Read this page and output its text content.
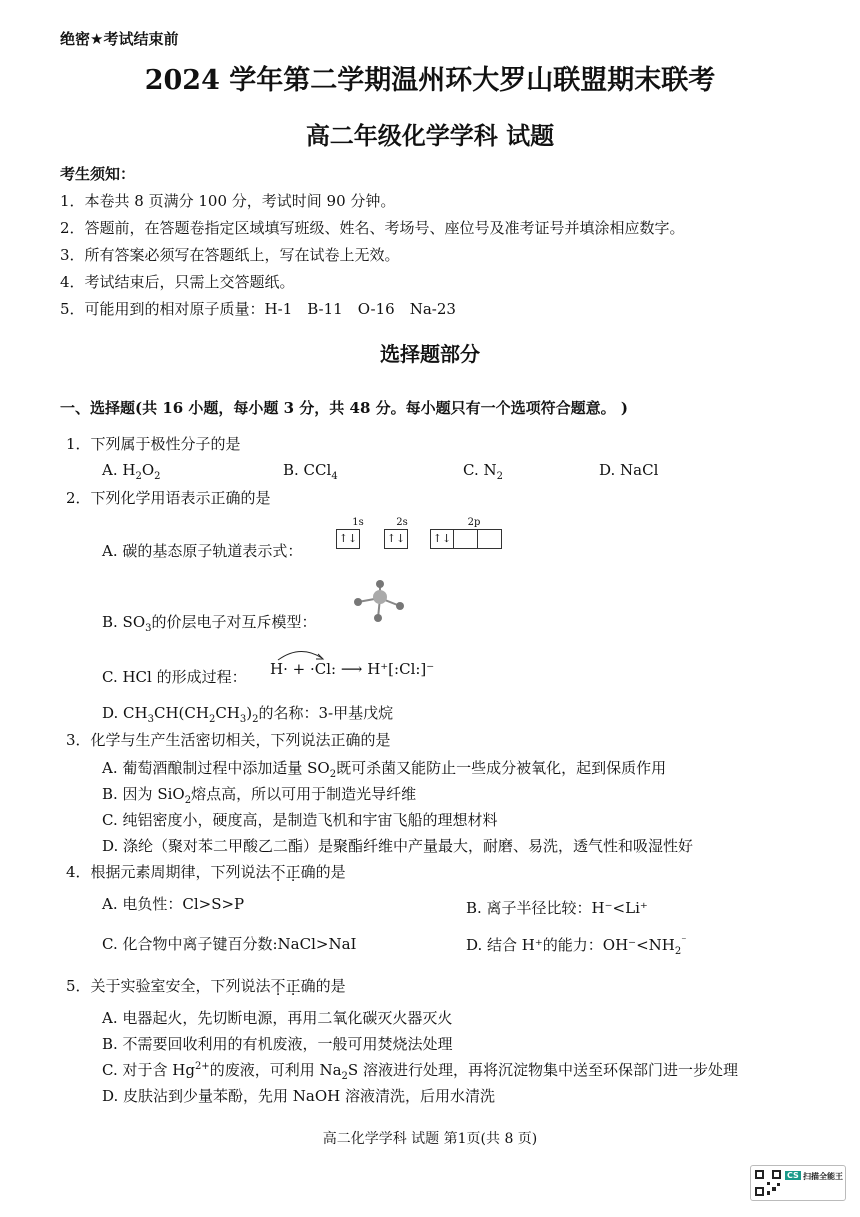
绝密★考试结束前
2024 学年第二学期温州环大罗山联盟期末联考
高二年级化学学科 试题
考生须知：
1．本卷共 8 页满分 100 分，考试时间 90 分钟。
2．答题前，在答题卷指定区域填写班级、姓名、考场号、座位号及准考证号并填涂相应数字。
3．所有答案必须写在答题纸上，写在试卷上无效。
4．考试结束后，只需上交答题纸。
5．可能用到的相对原子质量：H-1　B-11　O-16　Na-23
选择题部分
一、选择题(共 16 小题，每小题 3 分，共 48 分。每小题只有一个选项符合题意。 )
1．下列属于极性分子的是
A. $H_2O_2$	B. CCl$_4$	C. $N_2$	D. NaCl
2．下列化学用语表示正确的是
A. 碳的基态原子轨道表示式：
1s	2s	2p
↑↓	↑↓	↑↓
B. $SO_3$的价层电子对互斥模型：
C. HCl 的形成过程： H· + ·Cl: ⟶ H⁺[:Cl:]⁻
D. $CH_3CH(CH_2CH_3)_2$的名称：3-甲基戊烷
3．化学与生产生活密切相关，下列说法正确的是
A. 葡萄酒酿制过程中添加适量 $SO_2$既可杀菌又能防止一些成分被氧化，起到保质作用
B. 因为 SiO$_2$熔点高，所以可用于制造光导纤维
C. 纯铝密度小，硬度高，是制造飞机和宇宙飞船的理想材料
D. 涤纶（聚对苯二甲酸乙二酯）是聚酯纤维中产量最大，耐磨、易洗，透气性和吸湿性好
4．根据元素周期律，下列说法不正确的是
A. 电负性：Cl>S>P	B. 离子半径比较：H⁻<Li⁺
C. 化合物中离子键百分数:NaCl>NaI	D. 结合 H⁺的能力：$OH^-<NH_2^{^-}$
5．关于实验室安全，下列说法不正确的是
A. 电器起火，先切断电源，再用二氧化碳灭火器灭火
B. 不需要回收利用的有机废液，一般可用焚烧法处理
C. 对于含 $Hg^{2+}$的废液，可利用 $Na_2S$ 溶液进行处理，再将沉淀物集中送至环保部门进一步处理
D. 皮肤沾到少量苯酚，先用 NaOH 溶液清洗，后用水清洗
高二化学学科 试题 第1页(共 8 页)
CS 扫描全能王
